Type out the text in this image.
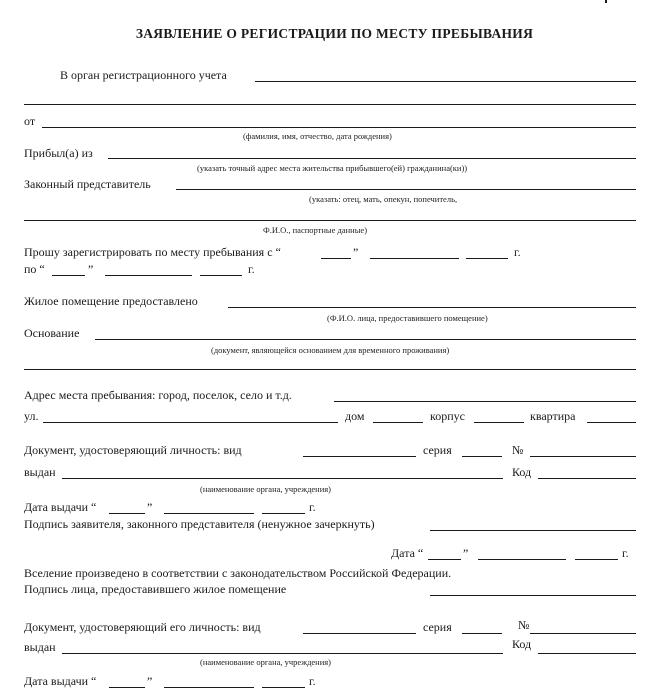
ЗАЯВЛЕНИЕ О РЕГИСТРАЦИИ ПО МЕСТУ ПРЕБЫВАНИЯ
В орган регистрационного учета
от
(фамилия, имя, отчество, дата рождения)
Прибыл(а) из
(указать точный адрес места жительства прибывшего(ей) гражданина(ки))
Законный представитель
(указать: отец, мать, опекун, попечитель,
Ф.И.О., паспортные данные)
Прошу зарегистрировать по месту пребывания с “	”	г.
по “	”	г.
Жилое помещение предоставлено
(Ф.И.О. лица, предоставившего помещение)
Основание
(документ, являющейся основанием для временного проживания)
Адрес места пребывания: город, поселок, село и т.д.
ул.	дом	корпус	квартира
Документ, удостоверяющий личность: вид	серия	№
выдан	Код
(наименование органа, учреждения)
Дата выдачи “	”	г.
Подпись заявителя, законного представителя (ненужное зачеркнуть)
Дата “	”	г.
Вселение произведено в соответствии с законодательством Российской Федерации.
Подпись лица, предоставившего жилое помещение
Документ, удостоверяющий его личность: вид	серия	№
выдан	Код
(наименование органа, учреждения)
Дата выдачи “	”	г.
